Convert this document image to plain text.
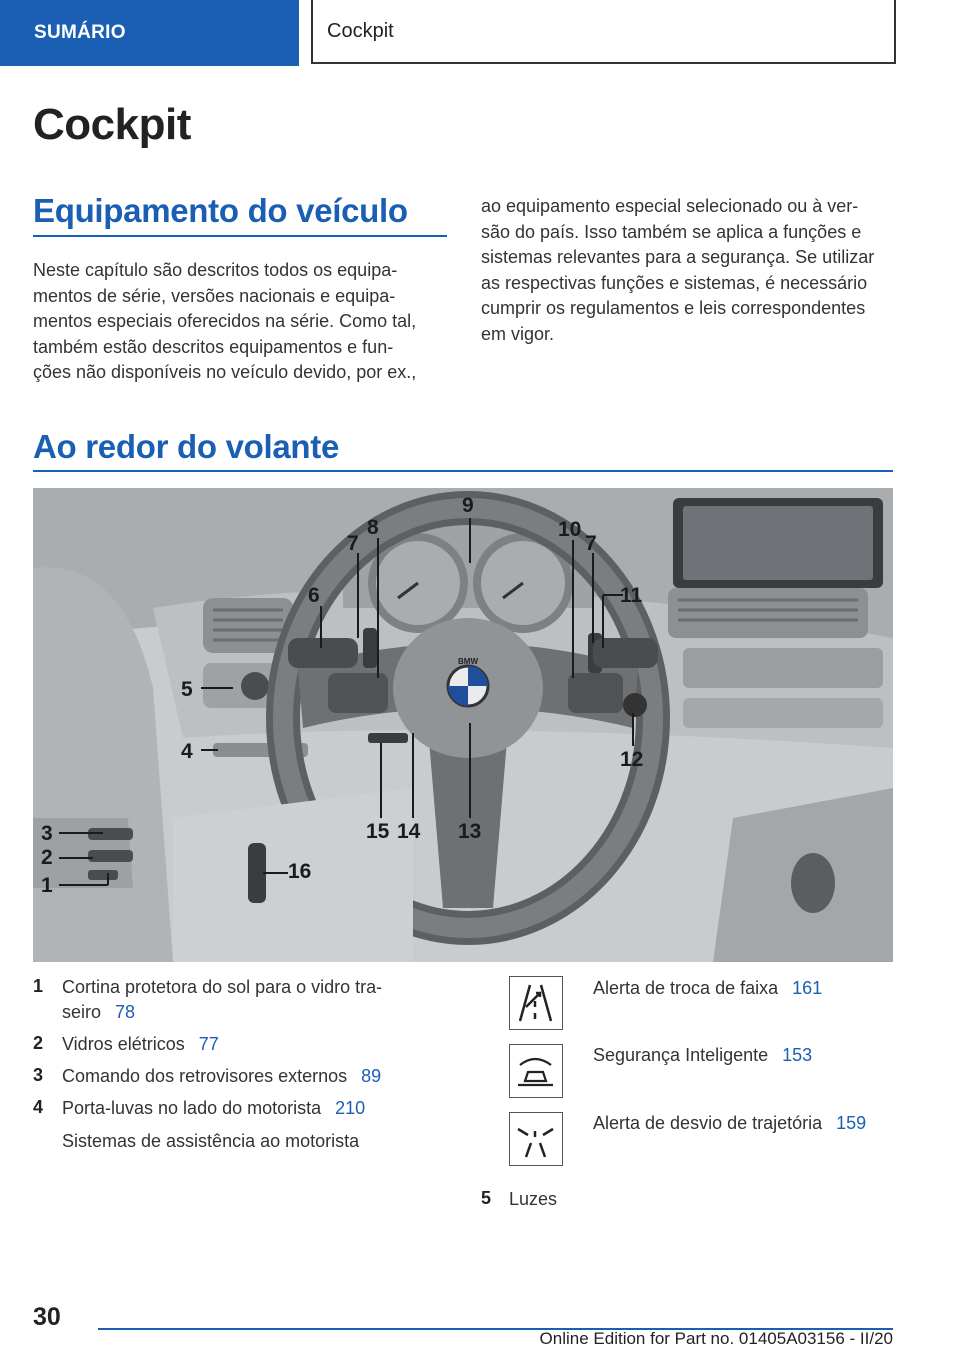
SUMÁRIO	Cockpit
Cockpit
Equipamento do veículo
Neste capítulo são descritos todos os equipa-
mentos de série, versões nacionais e equipa-
mentos especiais oferecidos na série. Como tal,
também estão descritos equipamentos e fun-
ções não disponíveis no veículo devido, por ex.,
ao equipamento especial selecionado ou à ver-
são do país. Isso também se aplica a funções e
sistemas relevantes para a segurança. Se utilizar
as respectivas funções e sistemas, é necessário
cumprir os regulamentos e leis correspondentes
em vigor.
Ao redor do volante
BMW
1
2
3
4
5
6
7
8
9
10
7
11
12
13
14
15
16
1 Cortina protetora do sol para o vidro tra-
seiro 78
2 Vidros elétricos 77
3 Comando dos retrovisores externos 89
4 Porta-luvas no lado do motorista 210
Sistemas de assistência ao motorista
Alerta de troca de faixa 161
Segurança Inteligente 153
Alerta de desvio de trajetória 159
5 Luzes
30
Online Edition for Part no. 01405A03156 - II/20
